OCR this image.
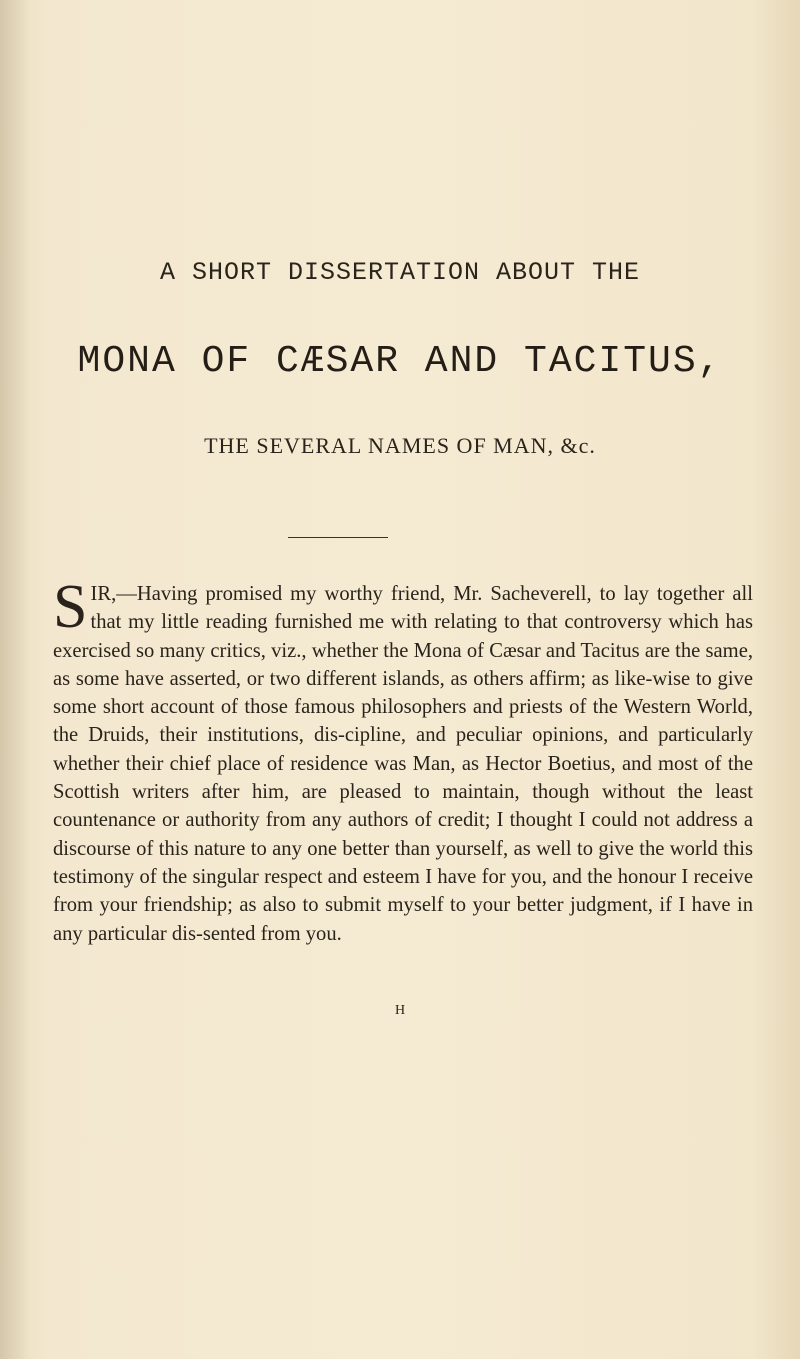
A SHORT DISSERTATION ABOUT THE
MONA OF CÆSAR AND TACITUS,
THE SEVERAL NAMES OF MAN, &c.

SIR,—Having promised my worthy friend, Mr. Sacheverell, to lay together all that my little reading furnished me with relating to that controversy which has exercised so many critics, viz., whether the Mona of Cæsar and Tacitus are the same, as some have asserted, or two different islands, as others affirm; as like-wise to give some short account of those famous philosophers and priests of the Western World, the Druids, their institutions, dis-cipline, and peculiar opinions, and particularly whether their chief place of residence was Man, as Hector Boetius, and most of the Scottish writers after him, are pleased to maintain, though without the least countenance or authority from any authors of credit; I thought I could not address a discourse of this nature to any one better than yourself, as well to give the world this testimony of the singular respect and esteem I have for you, and the honour I receive from your friendship; as also to submit myself to your better judgment, if I have in any particular dis-sented from you.

H
